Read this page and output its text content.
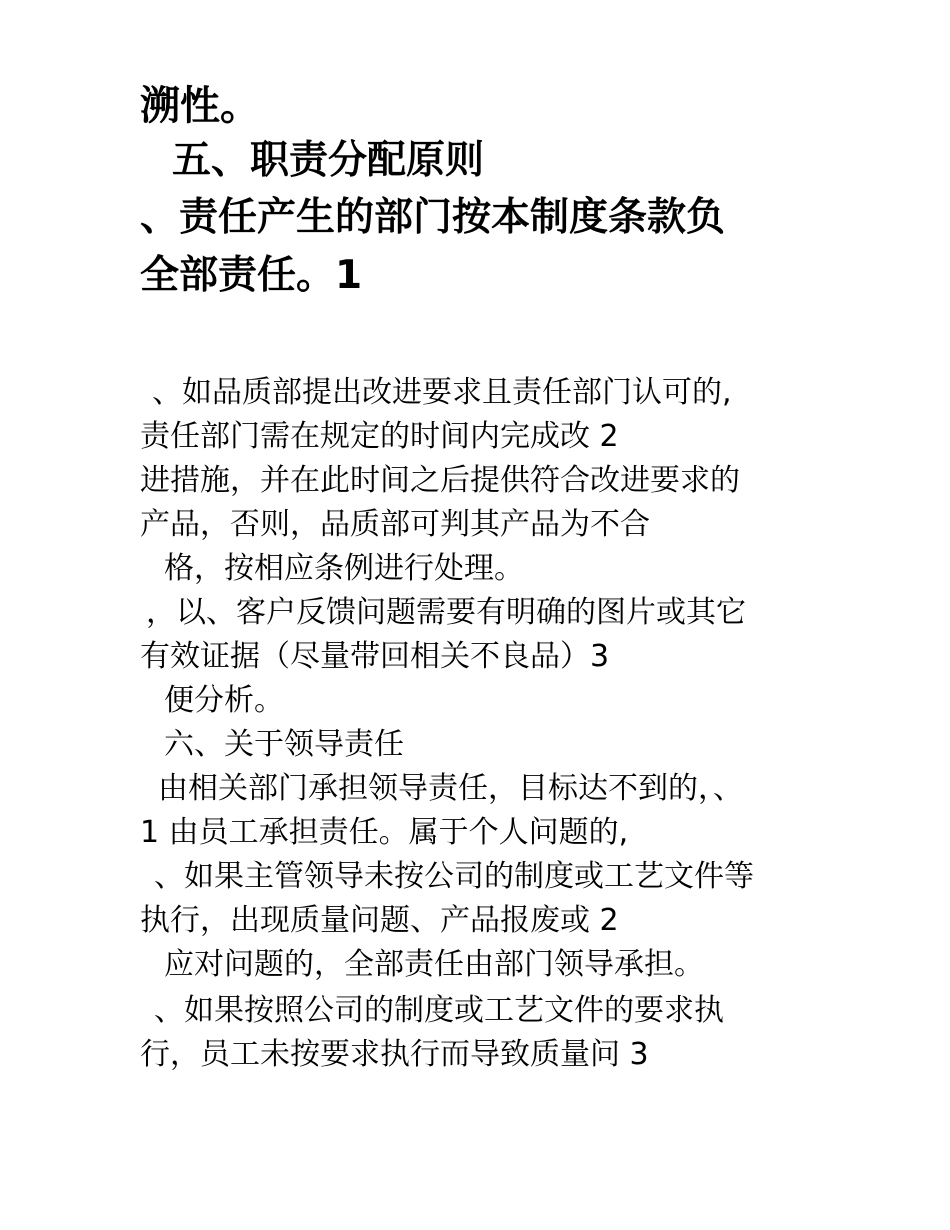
溯性。
五、职责分配原则
、责任产生的部门按本制度条款负
全部责任。1
、如品质部提出改进要求且责任部门认可的,
责任部门需在规定的时间内完成改 2
进措施，并在此时间之后提供符合改进要求的
产品，否则，品质部可判其产品为不合
格，按相应条例进行处理。
，以、客户反馈问题需要有明确的图片或其它
有效证据（尽量带回相关不良品）3
便分析。
六、关于领导责任
由相关部门承担领导责任，目标达不到的，、
1 由员工承担责任。属于个人问题的,
、如果主管领导未按公司的制度或工艺文件等
执行，出现质量问题、产品报废或 2
应对问题的，全部责任由部门领导承担。
、如果按照公司的制度或工艺文件的要求执
行，员工未按要求执行而导致质量问 3
